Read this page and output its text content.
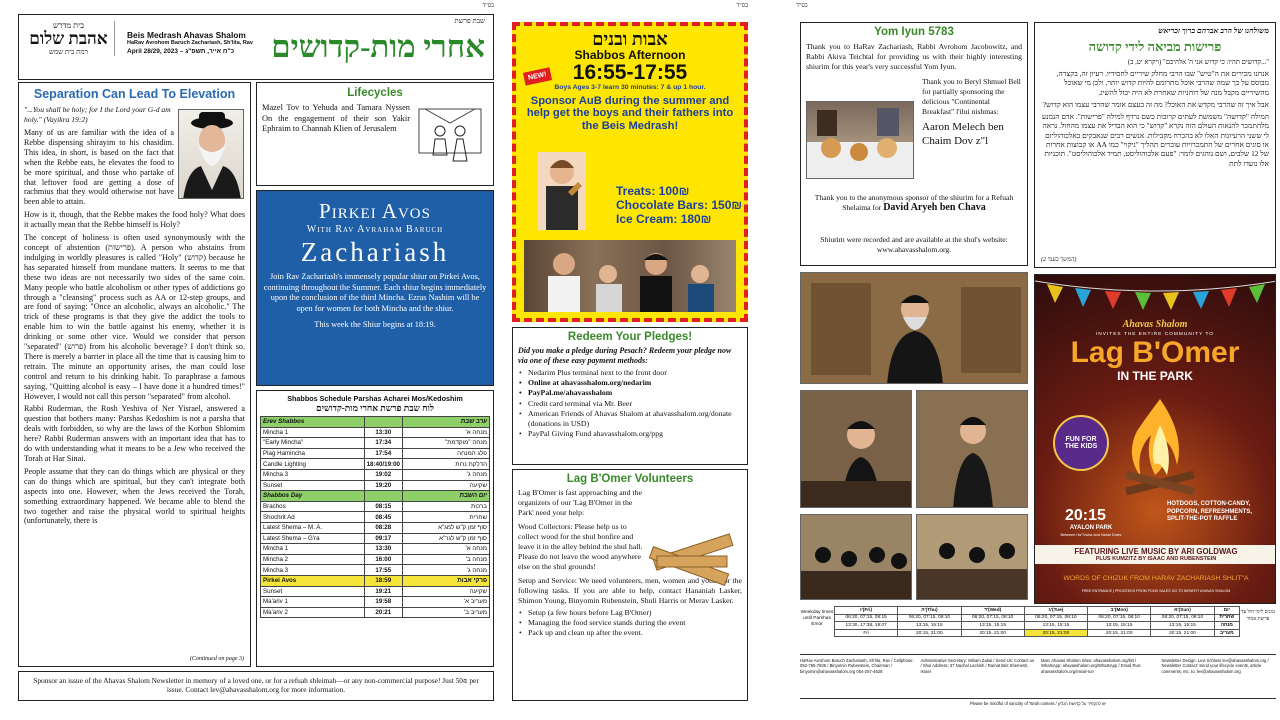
בס"ד
בית מדרש
אהבת שלום
רמת בית שמש
Beis Medrash Ahavas Shalom
HaRav Avrohom Baruch Zachariash, Sh'lita, Rav
April 28/29, 2023 – כ"ח אייר, תשפ"ג
שבת פרשת
אחרי מות-קדושים
Separation Can Lead To Elevation
"...You shall be holy; for I the Lord your G-d am holy." (Vayikra 19:2)
Many of us are familiar with the idea of a Rebbe dispensing shirayim to his chasidim. This idea, in short, is based on the fact that when the Rebbe eats, he elevates the food to be more spiritual, and those who partake of that leftover food are getting a dose of rachmius that they would otherwise not have been able to attain.
How is it, though, that the Rebbe makes the food holy? What does it actually mean that the Rebbe himself is Holy?
The concept of holiness is often used synonymously with the concept of abstention (פרישות). A person who abstains from indulging in worldly pleasures is called "Holy" (קדוש) because he has separated himself from mundane matters. It seems to me that these two ideas are not necessarily two sides of the same coin. Many people who battle alcoholism or other types of addictions go through a "cleansing" process such as AA or 12-step groups, and are fond of saying: "Once an alcoholic, always an alcoholic." The trick of these programs is that they give the addict the tools to enable him to win the battle against his enemy, whether it is drinking or some other vice. Would we consider that person "separated" (פרוש) from his alcoholic beverage? I don't think so. There is merely a barrier in place all the time that is causing him to retrain. The minute an opportunity arises, the man could lose control and return to his drinking habit. To paraphrase a famous saying, "Quitting alcohol is easy – I have done it a hundred times!" However, I would not call this person "separated" from alcohol.
Rabbi Ruderman, the Rosh Yeshiva of Ner Yisrael, answered a question that bothers many: Parshas Kedoshim is not a parsha that deals with forbidden, so why are the laws of the Korbon Shlomim here? Rabbi Ruderman answers with an important idea that has to do with understanding what it means to be a Jew who received the Torah at Har Sinai.
People assume that they can do things which are physical or they can do things which are spiritual, but they can't integrate both aspects into one. However, when the Jews received the Torah, something extraordinary happened. We became able to blend the two together and raise the physical world to spiritual heights (unfortunately, there is
(Continued on page 3)
Lifecycles
Mazel Tov to Yehuda and Tamara Nyssen On the engagement of their son Yakir Ephraim to Channah Klien of Jerusalem
Pirkei Avos
With Rav Avraham Baruch
Zachariash
Join Rav Zachariash's immensely popular shiur on Pirkei Avos, continuing throughout the Summer. Each shiur begins immediately upon the conclusion of the third Mincha. Ezras Nashim will be open for women for both Mincha and the shiur.
This week the Shiur begins at 18:19.
Shabbos Schedule Parshas Acharei Mos/Kedoshim
לוח שבת פרשת אחרי מות-קדושים
Erev Shabbos		ערב שבת
Mincha 1	13:30	מנחה א'
"Early Mincha"	17:34	מנחה "מוקדמת"
Plag Hamincha	17:54	פלג המנחה
Candle Lighting	18:40/19:00	הדלקת נרות
Mincha 3	19:02	מנחה ג'
Sunset	19:20	שקיעה
Shabbos Day		יום השבת
Brachos	08:15	ברכות
Shochrit Ad	08:45	שחרית
Latest Shema – M. A.	08:28	סוף זמן ק"ש למג"א
Latest Shema – G'ra	09:17	סוף זמן ק"ש לגר"א
Mincha 1	13:30	מנחה א'
Mincha 2	16:00	מנחה ב'
Mincha 3	17:55	מנחה ג'
Pirkei Avos	18:59	פרקי אבות
Sunset	19:21	שקיעה
Ma'ariv 1	19:58	מעריב א'
Ma'ariv 2	20:21	מעריב ב'
Sponsor an issue of the Ahavas Shalom Newsletter in memory of a loved one, or for a refuah shleimah—or any non-commercial purpose! Just 50₪ per issue. Contact lev@ahavasshalom.org for more information.
בס"ד
אבות ובנים
Shabbos Afternoon
NEW!	16:55-17:55
Boys Ages 3-7 learn 30 minutes: 7 & up 1 hour.
Sponsor AuB during the summer and help get the boys and their fathers into the Beis Medrash!
Treats: 100₪
Chocolate Bars: 150₪
Ice Cream: 180₪
Redeem Your Pledges!
Did you make a pledge during Pesach? Redeem your pledge now via one of these easy payment methods:
• Nedarim Plus terminal next to the front door
• Online at ahavasshalom.org/nedarim
• PayPal.me/ahavasshalom
• Credit card terminal via Mr. Beer
• American Friends of Ahavas Shalom at ahavasshalom.org/donate (donations in USD)
• PayPal Giving Fund ahavasshalom.org/ppg
Lag B'Omer Volunteers
Lag B'Omer is fast approaching and the organizers of our 'Lag B'Omer in the Park' need your help:
Wood Collectors: Please help us to collect wood for the shul bonfire and leave it in the alley behind the shul hall. Please do not leave the wood anywhere else on the shul grounds!
Setup and Service: We need volunteers, men, women and youth for the following tasks. If you are able to help, contact Hananiah Lasker, Shimon Young, Binyomin Rubenstein, Shuli Harris or Merav Lasker.
• Setup (a few hours before Lag B'Omer)
• Managing the food service stands during the event
• Pack up and clean up after the event.
בס"ד
Yom Iyun 5783
Thank you to HaRav Zachariash, Rabbi Avrohom Jacobowitz, and Rabbi Akiva Teichtal for providing us with their highly interesting shiurim for this year's very successful Yom Iyun.
Thank you to Beryl Shmuel Bell for partially sponsoring the delicious "Continental Breakfast" l'ilui nishmas:
Aaron Melech ben Chaim Dov z"l
Thank you to the anonymous sponsor of the shiurim for a Refuah Shelaima for David Aryeh ben Chava
Shiurim were recorded and are available at the shul's website: www.ahavasshalom.org.
משולחנו של הרב אברהם ברוך זכריאש
פרישות מביאה לידי קדושה
"...קדושים תהיו: כי קדוש אני ה' אלהיכם" (ויקרא יט, ב)
אנחנו מכירים את ה"טיש" שבו הרבי מחלק שיריים לחסידיו. רעיון זה, בקצרה, מבוסס על כך שמה שהרבי אוכל מתרומם להיות קדוש יותר, ולכן מי שאוכל מהשיריים מקבל מנה של רוחניות שאחרת לא היה יכול להשיג.
אבל איך זה שהרבי מקדש את האוכל? מה זה בעצם אומר שהרבי עצמו הוא קדוש?
המילה "קדושה" משמשת לעתים קרובות כשם נרדף למילה "פרישות". אדם הנמנע מלהתמכר להנאות העולם הזה נקרא "קדוש" כי הוא הבדיל את עצמו מהחול. נראה לי ששני הרעיונות האלו לא בהכרח מקבילות. אנשים רבים שנאבקים באלכוהוליזם או סוגים אחרים של התמכרויות עוברים תהליך "ניקוי" כמו AA או קבוצות אחרות של 12 שלבים, ושם נוהגים לומר: "פעם אלכוהוליסט, תמיד אלכוהוליסט". תוכניות אלו נועדו לתת
(המשך בעמ' 2)
Ahavas Shalom
INVITES THE ENTIRE COMMUNITY TO
Lag B'Omer
IN THE PARK
FUN FOR THE KIDS
20:15
AYALON PARK
Between Ha'Tzuba and Nahal Dolev
HOTDOGS, COTTON-CANDY, POPCORN, REFRESHMENTS, SPLIT-THE-POT RAFFLE
FEATURING LIVE MUSIC BY ARI GOLDWAG
PLUS KUMZITZ BY ISAAC AND RUBENSTEIN
WORDS OF CHIZUK FROM HARAV ZACHARIASH SHLIT"A
FREE ENTRANCE | PROCEEDS FROM FOOD SALES GO TO BENEFIT AHAVAS SHALOM
Weekday times until Parshas Emor
ו'(Fri)	ה'(Thu)	ד'(Wed)	ג'(Tue)	ב'(Mon)	א'(Sun)	יום
06:20, 07:15, 08:15	06:20, 07:15, 08:10	06:20, 07:15, 08:10	06:20, 07:15, 08:10	06:20, 07:15, 08:10	06:20, 07:15, 08:10	שחרית
13:30, 17:38, 19:07	13:15, 15:15	13:15, 15:15	13:15, 15:15	13:15, 15:15	13:15, 15:15	מנחה
Fri	20:15, 21:00	20:15, 21:00	20:15, 21:00	20:15, 21:00	20:15, 21:00	מעריב
זמנים לימי חול עד פרשת אמור
HaRav Avrohom Baruch Zachariash, Sh'lita, Rav / Cellphone: 052-765-7636 / Binyomin Rubenstein, Chairman / binyomin@ahavasshalom.org 054-257-4628
Administrative Secretary: Miriam Zakai / Send Us: Contact us / Shul Address: 37 Nachal Lachish / Ramat Beit Shemesh, Israel
Marc Ahavas Shalom Sites: ahavasshalom.org/list / WhatsApp: ahavasshalom.org/WhatsApp / Email Run: ahavasshalom.org/email-run
Newsletter Design: Levi Schloss lev@ahavasshalom.org / Newsletter Contact: Send your lifecycle events, article comments, etc. to: lev@ahavasshalom.org
Please be mindful of sanctity of Torah content / יש להקפיד על קדושת הגליון
